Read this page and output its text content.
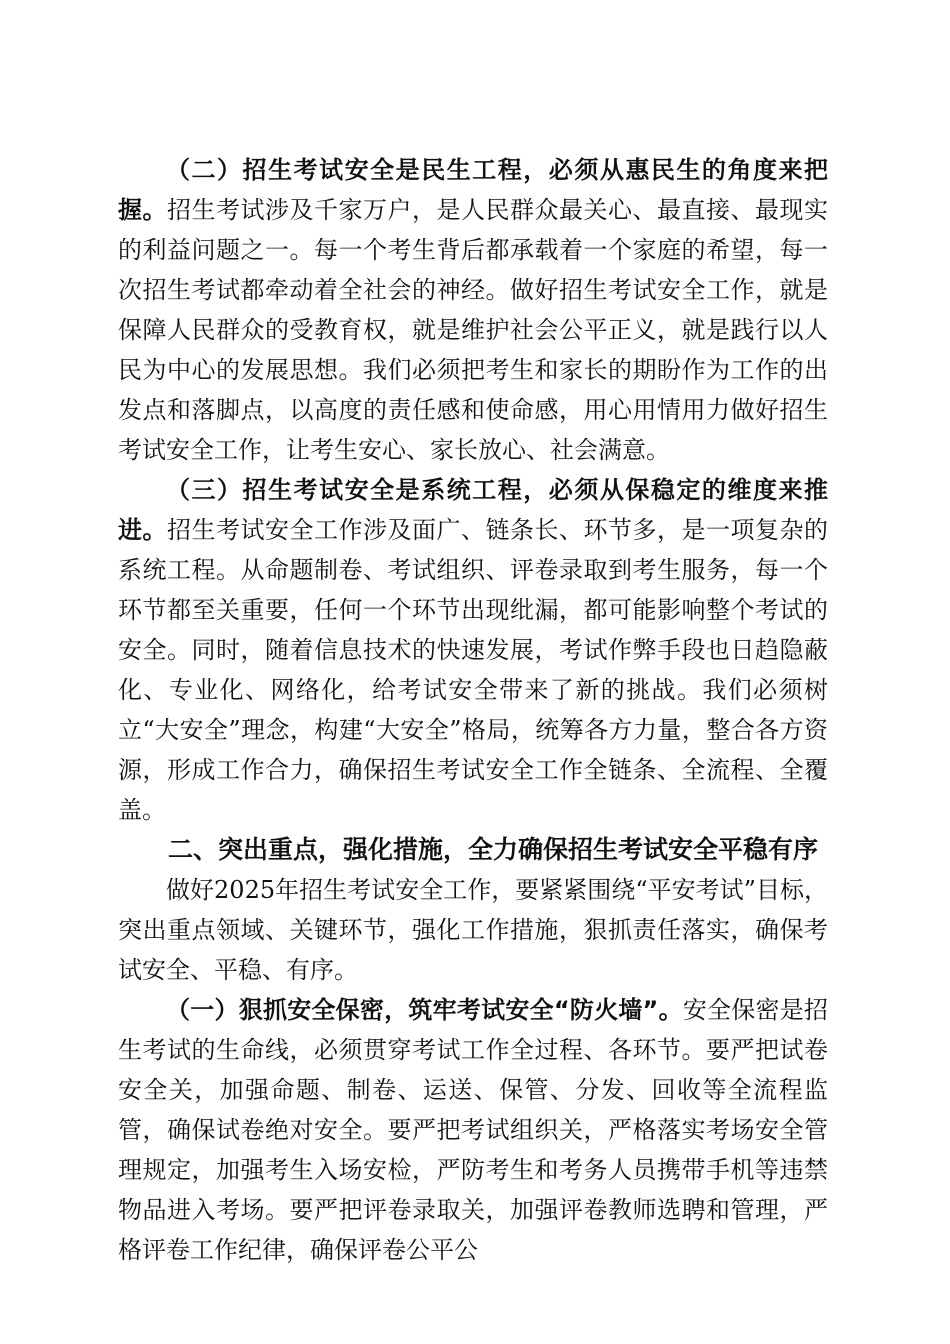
（二）招生考试安全是民生工程，必须从惠民生的角度来把握。招生考试涉及千家万户，是人民群众最关心、最直接、最现实的利益问题之一。每一个考生背后都承载着一个家庭的希望，每一次招生考试都牵动着全社会的神经。做好招生考试安全工作，就是保障人民群众的受教育权，就是维护社会公平正义，就是践行以人民为中心的发展思想。我们必须把考生和家长的期盼作为工作的出发点和落脚点，以高度的责任感和使命感，用心用情用力做好招生考试安全工作，让考生安心、家长放心、社会满意。

（三）招生考试安全是系统工程，必须从保稳定的维度来推进。招生考试安全工作涉及面广、链条长、环节多，是一项复杂的系统工程。从命题制卷、考试组织、评卷录取到考生服务，每一个环节都至关重要，任何一个环节出现纰漏，都可能影响整个考试的安全。同时，随着信息技术的快速发展，考试作弊手段也日趋隐蔽化、专业化、网络化，给考试安全带来了新的挑战。我们必须树立“大安全”理念，构建“大安全”格局，统筹各方力量，整合各方资源，形成工作合力，确保招生考试安全工作全链条、全流程、全覆盖。

二、突出重点，强化措施，全力确保招生考试安全平稳有序

做好2025年招生考试安全工作，要紧紧围绕“平安考试”目标，突出重点领域、关键环节，强化工作措施，狠抓责任落实，确保考试安全、平稳、有序。

（一）狠抓安全保密，筑牢考试安全“防火墙”。安全保密是招生考试的生命线，必须贯穿考试工作全过程、各环节。要严把试卷安全关，加强命题、制卷、运送、保管、分发、回收等全流程监管，确保试卷绝对安全。要严把考试组织关，严格落实考场安全管理规定，加强考生入场安检，严防考生和考务人员携带手机等违禁物品进入考场。要严把评卷录取关，加强评卷教师选聘和管理，严格评卷工作纪律，确保评卷公平公
